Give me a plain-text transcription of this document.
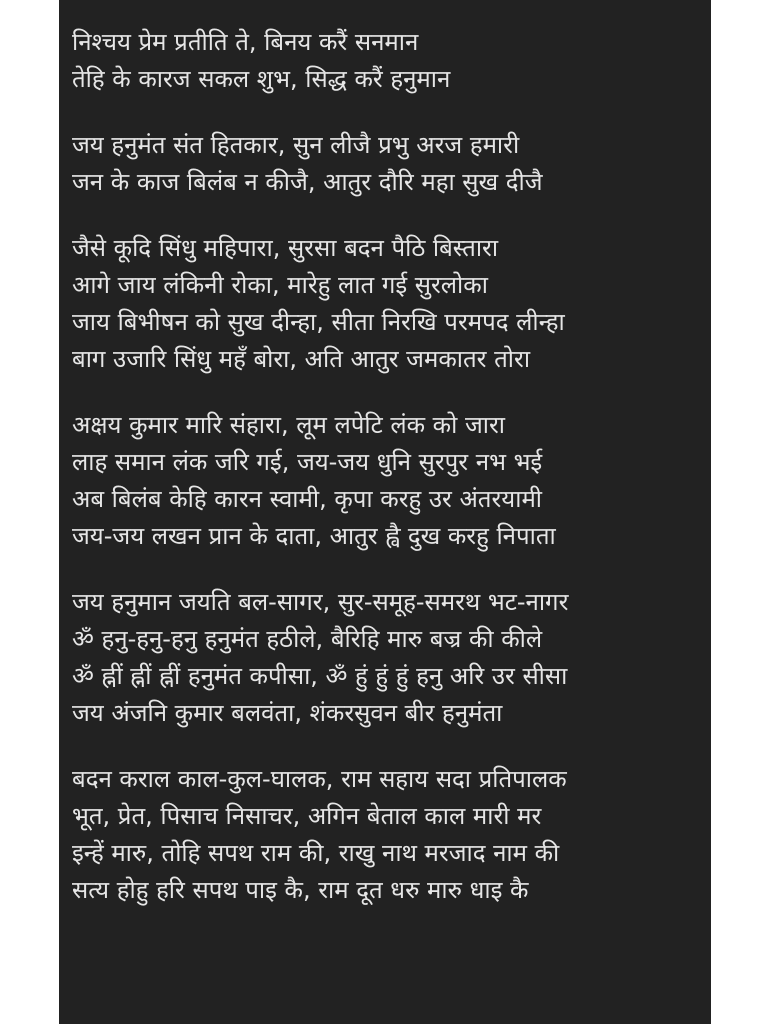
निश्चय प्रेम प्रतीति ते, बिनय करैं सनमान
तेहि के कारज सकल शुभ, सिद्ध करैं हनुमान
जय हनुमंत संत हितकार, सुन लीजै प्रभु अरज हमारी
जन के काज बिलंब न कीजै, आतुर दौरि महा सुख दीजै
जैसे कूदि सिंधु महिपारा, सुरसा बदन पैठि बिस्तारा
आगे जाय लंकिनी रोका, मारेहु लात गई सुरलोका
जाय बिभीषन को सुख दीन्हा, सीता निरखि परमपद लीन्हा
बाग उजारि सिंधु महँ बोरा, अति आतुर जमकातर तोरा
अक्षय कुमार मारि संहारा, लूम लपेटि लंक को जारा
लाह समान लंक जरि गई, जय-जय धुनि सुरपुर नभ भई
अब बिलंब केहि कारन स्वामी, कृपा करहु उर अंतरयामी
जय-जय लखन प्रान के दाता, आतुर ह्वै दुख करहु निपाता
जय हनुमान जयति बल-सागर, सुर-समूह-समरथ भट-नागर
ॐ हनु-हनु-हनु हनुमंत हठीले, बैरिहि मारु बज्र की कीले
ॐ ह्नीं ह्नीं ह्नीं हनुमंत कपीसा, ॐ हुं हुं हुं हनु अरि उर सीसा
जय अंजनि कुमार बलवंता, शंकरसुवन बीर हनुमंता
बदन कराल काल-कुल-घालक, राम सहाय सदा प्रतिपालक
भूत, प्रेत, पिसाच निसाचर, अगिन बेताल काल मारी मर
इन्हें मारु, तोहि सपथ राम की, राखु नाथ मरजाद नाम की
सत्य होहु हरि सपथ पाइ कै, राम दूत धरु मारु धाइ कै
